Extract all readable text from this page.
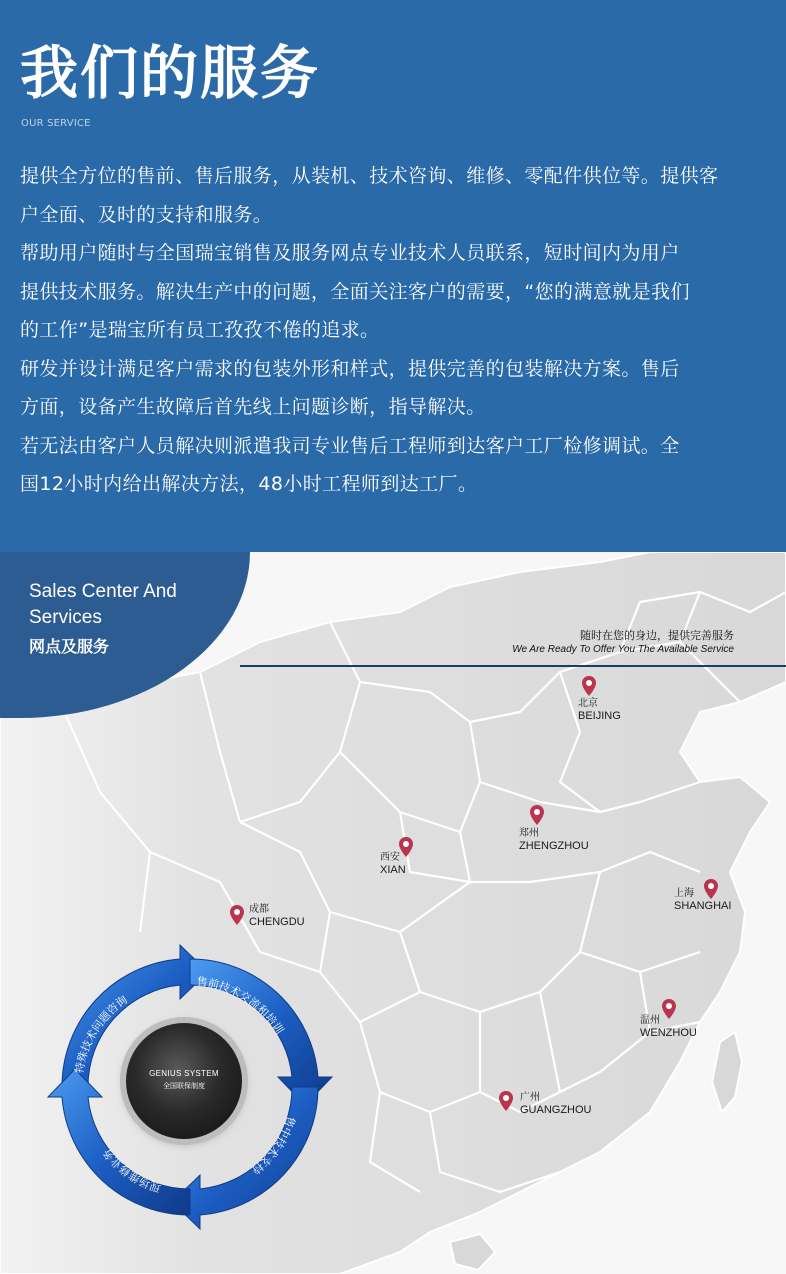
我们的服务
OUR SERVICE
提供全方位的售前、售后服务，从装机、技术咨询、维修、零配件供位等。提供客
户全面、及时的支持和服务。
帮助用户随时与全国瑞宝销售及服务网点专业技术人员联系，短时间内为用户
提供技术服务。解决生产中的问题，全面关注客户的需要，“您的满意就是我们
的工作”是瑞宝所有员工孜孜不倦的追求。
研发并设计满足客户需求的包装外形和样式，提供完善的包装解决方案。售后
方面，设备产生故障后首先线上问题诊断，指导解决。
若无法由客户人员解决则派遣我司专业售后工程师到达客户工厂检修调试。全
国12小时内给出解决方法，48小时工程师到达工厂。
Sales Center And
Services
网点及服务
随时在您的身边，提供完善服务
We Are Ready To Offer You The Available Service
北京
BEIJING
郑州
ZHENGZHOU
西安
XIAN
上海
SHANGHAI
成都
CHENGDU
温州
WENZHOU
广州
GUANGZHOU
特殊技术问题咨询
售前技术交流和培训
售中技术支持
现场维修业务
GENIUS SYSTEM
全国联保制度
